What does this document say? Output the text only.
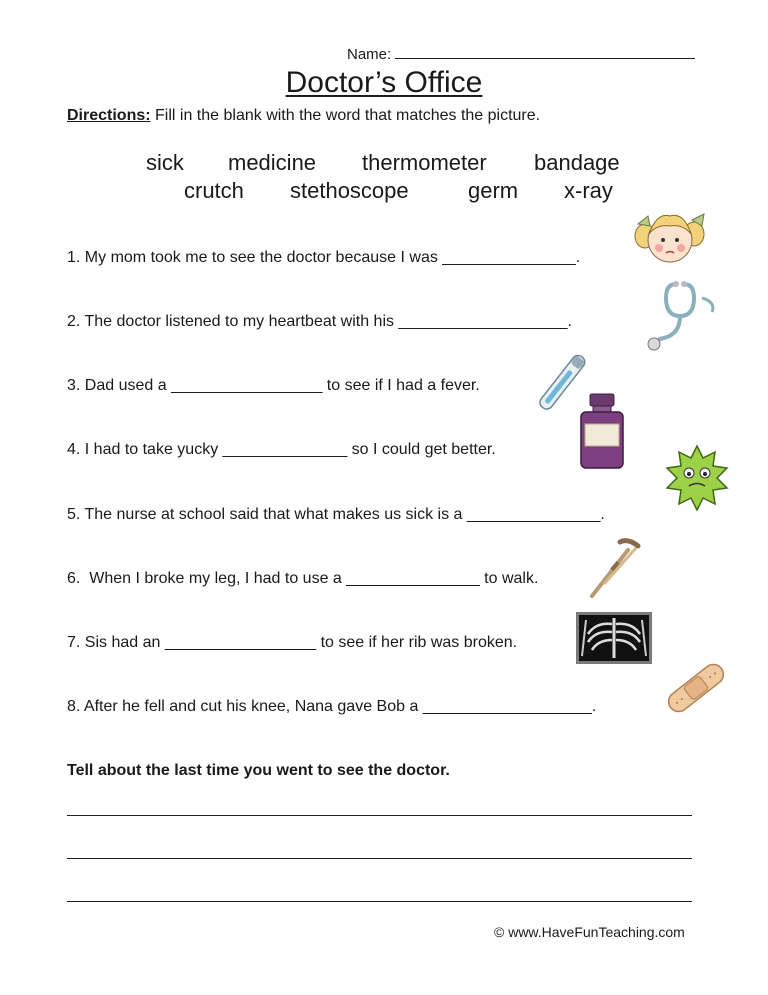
Name:
Doctor’s Office
Directions: Fill in the blank with the word that matches the picture.
sick medicine thermometer bandage
crutch stethoscope	germ x-ray
1. My mom took me to see the doctor because I was _______________.
2. The doctor listened to my heartbeat with his ___________________.
3. Dad used a _________________ to see if I had a fever.
4. I had to take yucky ______________ so I could get better.
5. The nurse at school said that what makes us sick is a _______________.
6.  When I broke my leg, I had to use a _______________ to walk.
7. Sis had an _________________ to see if her rib was broken.
8. After he fell and cut his knee, Nana gave Bob a ___________________.
Tell about the last time you went to see the doctor.
© www.HaveFunTeaching.com
